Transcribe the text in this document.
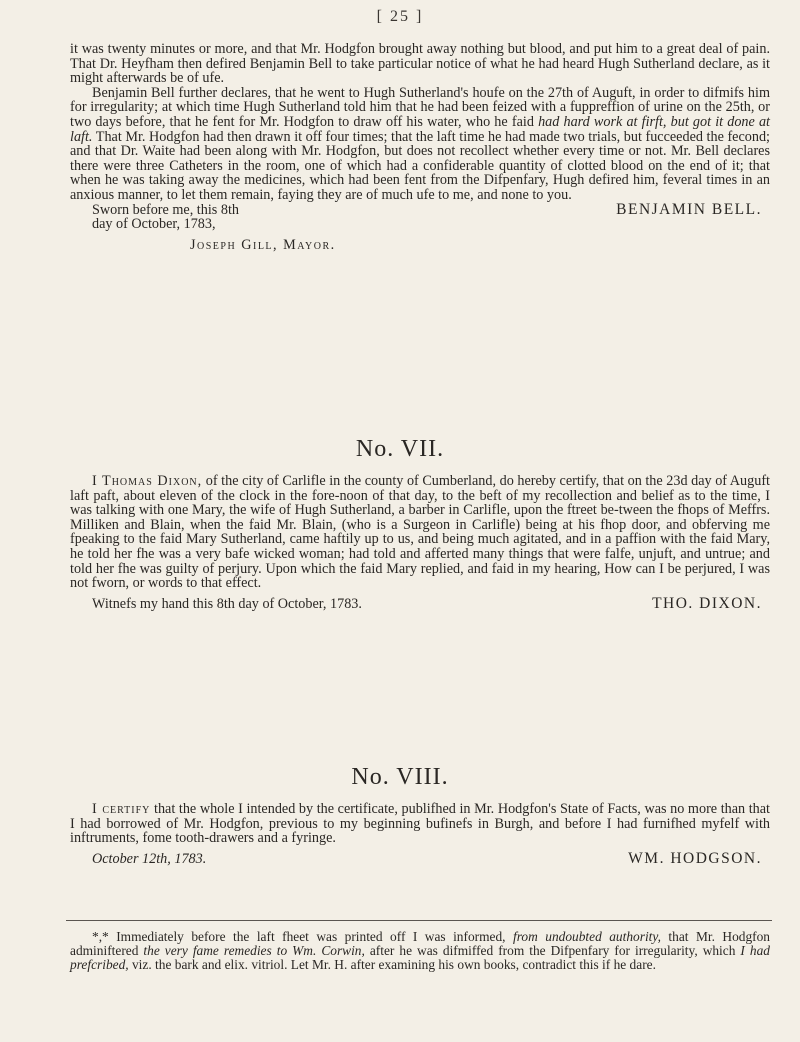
[ 25 ]

it was twenty minutes or more, and that Mr. Hodgfon brought away nothing but blood, and put him to a great deal of pain. That Dr. Heyfham then defired Benjamin Bell to take particular notice of what he had heard Hugh Sutherland declare, as it might afterwards be of ufe.

Benjamin Bell further declares, that he went to Hugh Sutherland's houfe on the 27th of Auguft, in order to difmifs him for irregularity; at which time Hugh Sutherland told him that he had been feized with a fuppreffion of urine on the 25th, or two days before, that he fent for Mr. Hodgfon to draw off his water, who he faid had hard work at firft, but got it done at laft. That Mr. Hodgfon had then drawn it off four times; that the laft time he had made two trials, but fucceeded the fecond; and that Dr. Waite had been along with Mr. Hodgfon, but does not recollect whether every time or not. Mr. Bell declares there were three Catheters in the room, one of which had a confiderable quantity of clotted blood on the end of it; that when he was taking away the medicines, which had been fent from the Difpenfary, Hugh defired him, feveral times in an anxious manner, to let them remain, faying they are of much ufe to me, and none to you.

Sworn before me, this 8th	BENJAMIN BELL.
day of October, 1783,
Joseph Gill, Mayor.
No. VII.

I Thomas Dixon, of the city of Carlifle in the county of Cumberland, do hereby certify, that on the 23d day of Auguft laft paft, about eleven of the clock in the fore-noon of that day, to the beft of my recollection and belief as to the time, I was talking with one Mary, the wife of Hugh Sutherland, a barber in Carlifle, upon the ftreet be-tween the fhops of Meffrs. Milliken and Blain, when the faid Mr. Blain, (who is a Surgeon in Carlifle) being at his fhop door, and obferving me fpeaking to the faid Mary Sutherland, came haftily up to us, and being much agitated, and in a paffion with the faid Mary, he told her fhe was a very bafe wicked woman; had told and afferted many things that were falfe, unjuft, and untrue; and told her fhe was guilty of perjury. Upon which the faid Mary replied, and faid in my hearing, How can I be perjured, I was not fworn, or words to that effect.

Witnefs my hand this 8th day of October, 1783.	THO. DIXON.
No. VIII.

I certify that the whole I intended by the certificate, publifhed in Mr. Hodgfon's State of Facts, was no more than that I had borrowed of Mr. Hodgfon, previous to my beginning bufinefs in Burgh, and before I had furnifhed myfelf with inftruments, fome tooth-drawers and a fyringe.

October 12th, 1783.	WM. HODGSON.

*,* Immediately before the laft fheet was printed off I was informed, from undoubted authority, that Mr. Hodgfon adminiftered the very fame remedies to Wm. Corwin, after he was difmiffed from the Difpenfary for irregularity, which I had prefcribed, viz. the bark and elix. vitriol. Let Mr. H. after examining his own books, contradict this if he dare.
